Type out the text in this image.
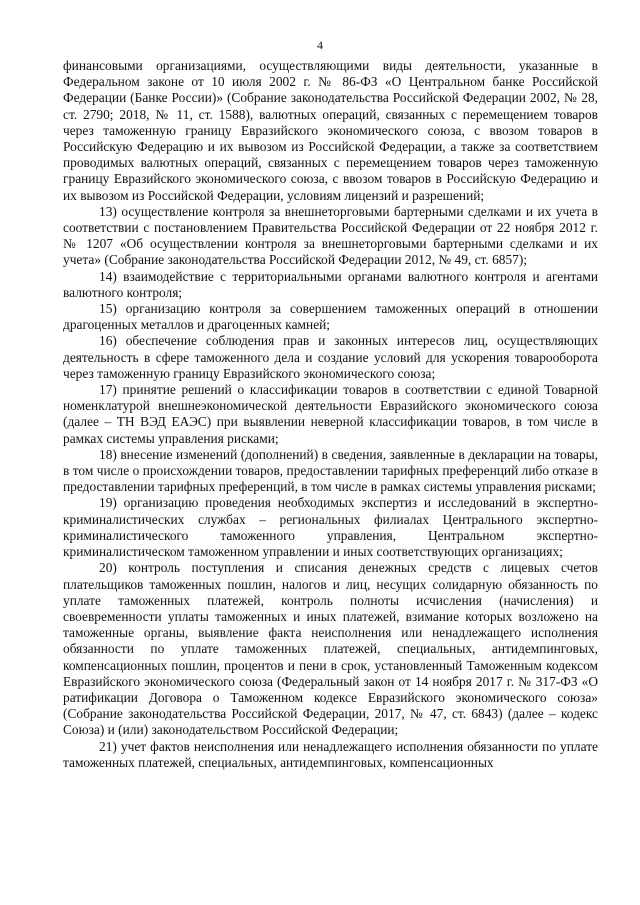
4

финансовыми организациями, осуществляющими виды деятельности, указанные в Федеральном законе от 10 июля 2002 г. № 86-ФЗ «О Центральном банке Российской Федерации (Банке России)» (Собрание законодательства Российской Федерации 2002, № 28, ст. 2790; 2018, № 11, ст. 1588), валютных операций, связанных с перемещением товаров через таможенную границу Евразийского экономического союза, с ввозом товаров в Российскую Федерацию и их вывозом из Российской Федерации, а также за соответствием проводимых валютных операций, связанных с перемещением товаров через таможенную границу Евразийского экономического союза, с ввозом товаров в Российскую Федерацию и их вывозом из Российской Федерации, условиям лицензий и разрешений;

13) осуществление контроля за внешнеторговыми бартерными сделками и их учета в соответствии с постановлением Правительства Российской Федерации от 22 ноября 2012 г. № 1207 «Об осуществлении контроля за внешнеторговыми бартерными сделками и их учета» (Собрание законодательства Российской Федерации 2012, № 49, ст. 6857);

14) взаимодействие с территориальными органами валютного контроля и агентами валютного контроля;

15) организацию контроля за совершением таможенных операций в отношении драгоценных металлов и драгоценных камней;

16) обеспечение соблюдения прав и законных интересов лиц, осуществляющих деятельность в сфере таможенного дела и создание условий для ускорения товарооборота через таможенную границу Евразийского экономического союза;

17) принятие решений о классификации товаров в соответствии с единой Товарной номенклатурой внешнеэкономической деятельности Евразийского экономического союза (далее – ТН ВЭД ЕАЭС) при выявлении неверной классификации товаров, в том числе в рамках системы управления рисками;

18) внесение изменений (дополнений) в сведения, заявленные в декларации на товары, в том числе о происхождении товаров, предоставлении тарифных преференций либо отказе в предоставлении тарифных преференций, в том числе в рамках системы управления рисками;

19) организацию проведения необходимых экспертиз и исследований в экспертно-криминалистических службах – региональных филиалах Центрального экспертно-криминалистического таможенного управления, Центральном экспертно-криминалистическом таможенном управлении и иных соответствующих организациях;

20) контроль поступления и списания денежных средств с лицевых счетов плательщиков таможенных пошлин, налогов и лиц, несущих солидарную обязанность по уплате таможенных платежей, контроль полноты исчисления (начисления) и своевременности уплаты таможенных и иных платежей, взимание которых возложено на таможенные органы, выявление факта неисполнения или ненадлежащего исполнения обязанности по уплате таможенных платежей, специальных, антидемпинговых, компенсационных пошлин, процентов и пени в срок, установленный Таможенным кодексом Евразийского экономического союза (Федеральный закон от 14 ноября 2017 г. № 317-ФЗ «О ратификации Договора о Таможенном кодексе Евразийского экономического союза» (Собрание законодательства Российской Федерации, 2017, № 47, ст. 6843) (далее – кодекс Союза) и (или) законодательством Российской Федерации;

21) учет фактов неисполнения или ненадлежащего исполнения обязанности по уплате таможенных платежей, специальных, антидемпинговых, компенсационных
